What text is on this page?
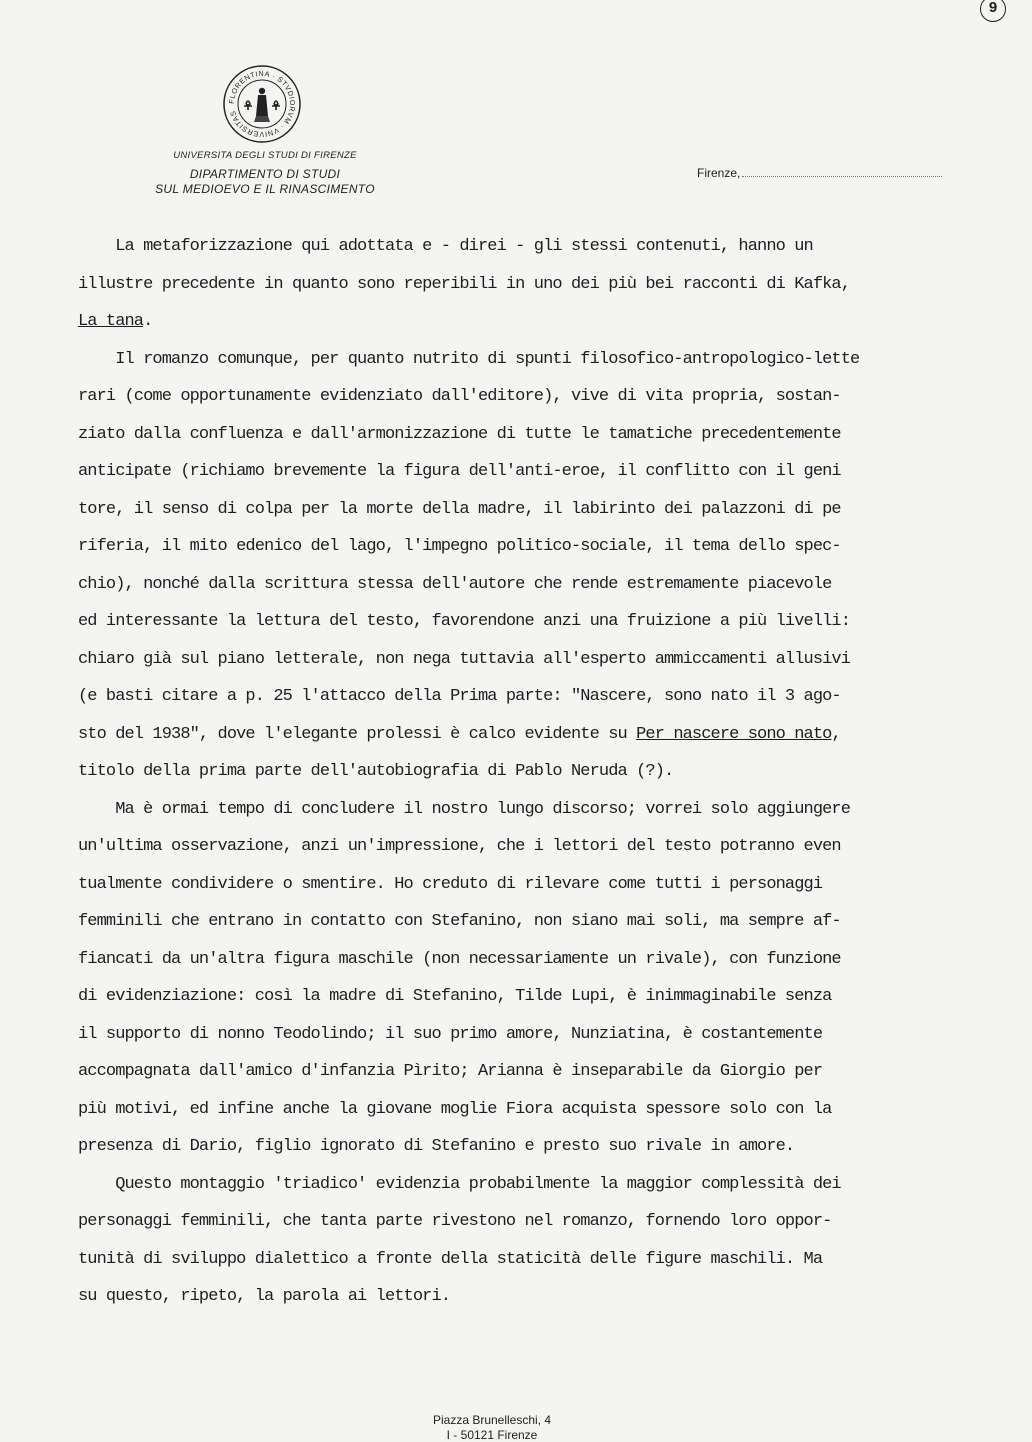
9
FLORENTINA · STVDIORVM · VNIVERSITAS
UNIVERSITA DEGLI STUDI DI FIRENZE
DIPARTIMENTO DI STUDI
SUL MEDIOEVO E IL RINASCIMENTO
Firenze,
La metaforizzazione qui adottata e - direi - gli stessi contenuti, hanno un
illustre precedente in quanto sono reperibili in uno dei più bei racconti di Kafka,
La tana.
Il romanzo comunque, per quanto nutrito di spunti filosofico-antropologico-lette
rari (come opportunamente evidenziato dall'editore), vive di vita propria, sostan-
ziato dalla confluenza e dall'armonizzazione di tutte le tamatiche precedentemente
anticipate (richiamo brevemente la figura dell'anti-eroe, il conflitto con il geni
tore, il senso di colpa per la morte della madre, il labirinto dei palazzoni di pe
riferia, il mito edenico del lago, l'impegno politico-sociale, il tema dello spec-
chio), nonché dalla scrittura stessa dell'autore che rende estremamente piacevole
ed interessante la lettura del testo, favorendone anzi una fruizione a più livelli:
chiaro già sul piano letterale, non nega tuttavia all'esperto ammiccamenti allusivi
(e basti citare a p. 25 l'attacco della Prima parte: "Nascere, sono nato il 3 ago-
sto del 1938", dove l'elegante prolessi è calco evidente su Per nascere sono nato,
titolo della prima parte dell'autobiografia di Pablo Neruda (?).
Ma è ormai tempo di concludere il nostro lungo discorso; vorrei solo aggiungere
un'ultima osservazione, anzi un'impressione, che i lettori del testo potranno even
tualmente condividere o smentire. Ho creduto di rilevare come tutti i personaggi
femminili che entrano in contatto con Stefanino, non siano mai soli, ma sempre af-
fiancati da un'altra figura maschile (non necessariamente un rivale), con funzione
di evidenziazione: così la madre di Stefanino, Tilde Lupi, è inimmaginabile senza
il supporto di nonno Teodolindo; il suo primo amore, Nunziatina, è costantemente
accompagnata dall'amico d'infanzia Pìrito; Arianna è inseparabile da Giorgio per
più motivi, ed infine anche la giovane moglie Fiora acquista spessore solo con la
presenza di Dario, figlio ignorato di Stefanino e presto suo rivale in amore.
Questo montaggio 'triadico' evidenzia probabilmente la maggior complessità dei
personaggi femminili, che tanta parte rivestono nel romanzo, fornendo loro oppor-
tunità di sviluppo dialettico a fronte della staticità delle figure maschili. Ma
su questo, ripeto, la parola ai lettori.
Piazza Brunelleschi, 4
I - 50121 Firenze
